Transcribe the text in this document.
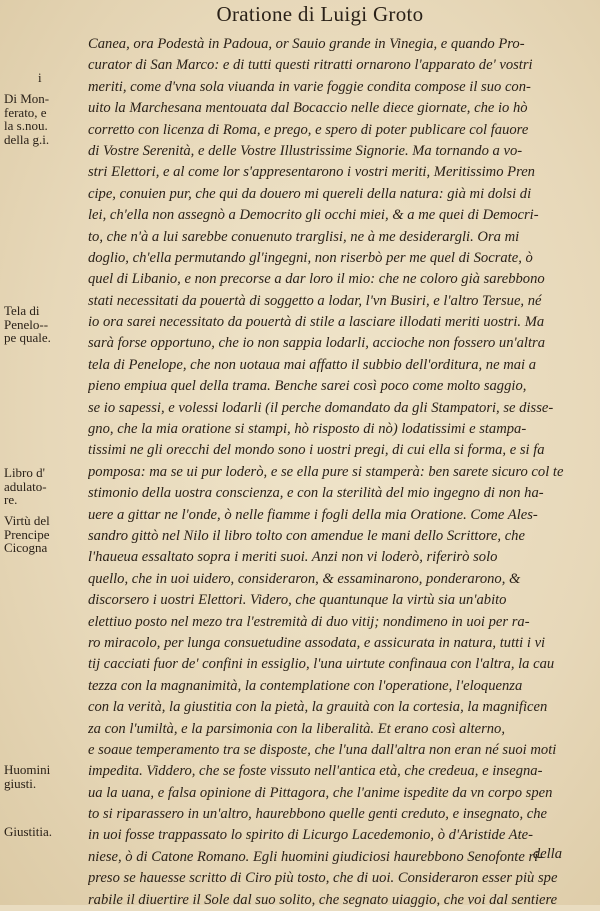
Oratione di Luigi Groto
i
Di Mon-
ferato, e
la s.nou.
della g.i.
Tela di
Penelo--
pe quale.
Libro d'
adulato-
re.
Virtù del
Prencipe
Cicogna
Huomini
giusti.
Giustitia.
Canea, ora Podestà in Padoua, or Sauio grande in Vinegia, e quando Pro-
curator di San Marco: e di tutti questi ritratti ornarono l'apparato de' vostri
meriti, come d'vna sola viuanda in varie foggie condita compose il suo con-
uito la Marchesana mentouata dal Bocaccio nelle diece giornate, che io hò
corretto con licenza di Roma, e prego, e spero di poter publicare col fauore
di Vostre Serenità, e delle Vostre Illustrissime Signorie. Ma tornando a vo-
stri Elettori, e al come lor s'appresentarono i vostri meriti, Meritissimo Pren
cipe, conuien pur, che qui da douero mi quereli della natura: già mi dolsi di
lei, ch'ella non assegnò a Democrito gli occhi miei, & a me quei di Democri-
to, che n'à a lui sarebbe conuenuto trarglisi, ne à me desiderargli. Ora mi
doglio, ch'ella permutando gl'ingegni, non riserbò per me quel di Socrate, ò
quel di Libanio, e non precorse a dar loro il mio: che ne coloro già sarebbono
stati necessitati da pouertà di soggetto a lodar, l'vn Busiri, e l'altro Tersue, né
io ora sarei necessitato da pouertà di stile a lasciare illodati meriti uostri. Ma
sarà forse opportuno, che io non sappia lodarli, accioche non fossero un'altra
tela di Penelope, che non uotaua mai affatto il subbio dell'orditura, ne mai a
pieno empiua quel della trama. Benche sarei così poco come molto saggio,
se io sapessi, e volessi lodarli (il perche domandato da gli Stampatori, se disse-
gno, che la mia oratione si stampi, hò risposto di nò) lodatissimi e stampa-
tissimi ne gli orecchi del mondo sono i uostri pregi, di cui ella si forma, e si fa
pomposa: ma se ui pur loderò, e se ella pure si stamperà: ben sarete sicuro col te
stimonio della uostra conscienza, e con la sterilità del mio ingegno di non ha-
uere a gittar ne l'onde, ò nelle fiamme i fogli della mia Oratione. Come Ales-
sandro gittò nel Nilo il libro tolto con amendue le mani dello Scrittore, che
l'haueua essaltato sopra i meriti suoi. Anzi non vi loderò, riferirò solo
quello, che in uoi uidero, consideraron, & essaminarono, ponderarono, &
discorsero i uostri Elettori. Videro, che quantunque la virtù sia un'abito
elettiuo posto nel mezo tra l'estremità di duo vitij; nondimeno in uoi per ra-
ro miracolo, per lunga consuetudine assodata, e assicurata in natura, tutti i vi
tij cacciati fuor de' confini in essiglio, l'una uirtute confinaua con l'altra, la cau
tezza con la magnanimità, la contemplatione con l'operatione, l'eloquenza
con la verità, la giustitia con la pietà, la grauità con la cortesia, la magnificen
za con l'umiltà, e la parsimonia con la liberalità. Et erano così alterno,
e soaue temperamento tra se disposte, che l'una dall'altra non eran né suoi moti
impedita. Viddero, che se foste vissuto nell'antica età, che credeua, e insegna-
ua la uana, e falsa opinione di Pittagora, che l'anime ispedite da vn corpo spen
to si riparassero in un'altro, haurebbono quelle genti creduto, e insegnato, che
in uoi fosse trappassato lo spirito di Licurgo Lacedemonio, ò d'Aristide Ate-
niese, ò di Catone Romano. Egli huomini giudiciosi haurebbono Senofonte ri-
preso se hauesse scritto di Ciro più tosto, che di uoi. Consideraron esser più spe
rabile il diuertire il Sole dal suo solito, che segnato uiaggio, che voi dal sentiere
della
